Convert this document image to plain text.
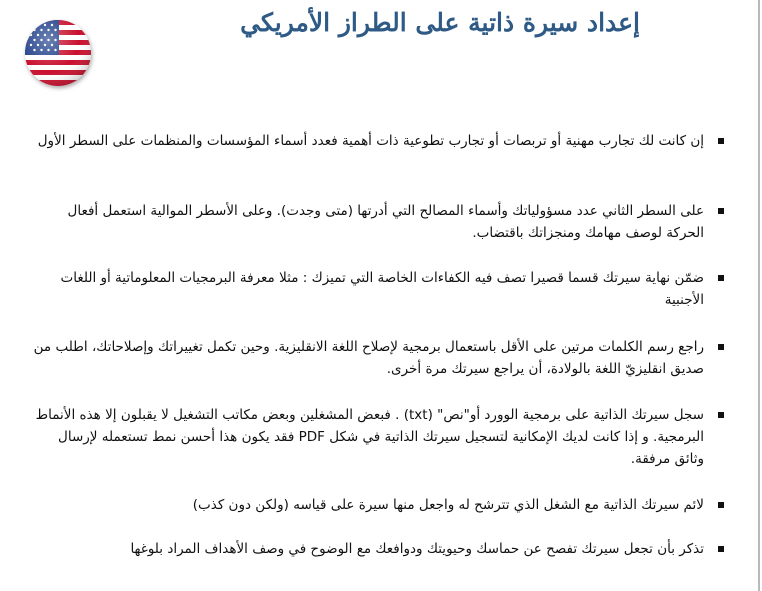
إعداد سيرة ذاتية على الطراز الأمريكي
إن كانت لك تجارب مهنية أو تربصات أو تجارب تطوعية ذات أهمية فعدد أسماء المؤسسات والمنظمات على السطر الأول
على السطر الثاني عدد مسؤولياتك وأسماء المصالح التي أدرتها (متى وجدت). وعلى الأسطر الموالية استعمل أفعال الحركة لوصف مهامك ومنجزاتك باقتضاب.
ضمّن نهاية سيرتك قسما قصيرا تصف فيه الكفاءات الخاصة التي تميزك : مثلا معرفة البرمجيات المعلوماتية أو اللغات الأجنبية
راجع رسم الكلمات مرتين على الأقل باستعمال برمجية لإصلاح اللغة الانقليزية. وحين تكمل تغييراتك وإصلاحاتك، اطلب من صديق انقليزيّ اللغة بالولادة، أن يراجع سيرتك مرة أخرى.
سجل سيرتك الذاتية على برمجية الوورد أو"نص" (txt) . فبعض المشغلين وبعض مكاتب التشغيل لا يقبلون إلا هذه الأنماط البرمجية. و إذا كانت لديك الإمكانية لتسجيل سيرتك الذاتية في شكل PDF فقد يكون هذا أحسن نمط تستعمله لإرسال وثائق مرفقة.
لائم سيرتك الذاتية مع الشغل الذي تترشح له واجعل منها سيرة على قياسه (ولكن دون كذب)
تذكر بأن تجعل سيرتك تفصح عن حماسك وحيويتك ودوافعك مع الوضوح في وصف الأهداف المراد بلوغها
